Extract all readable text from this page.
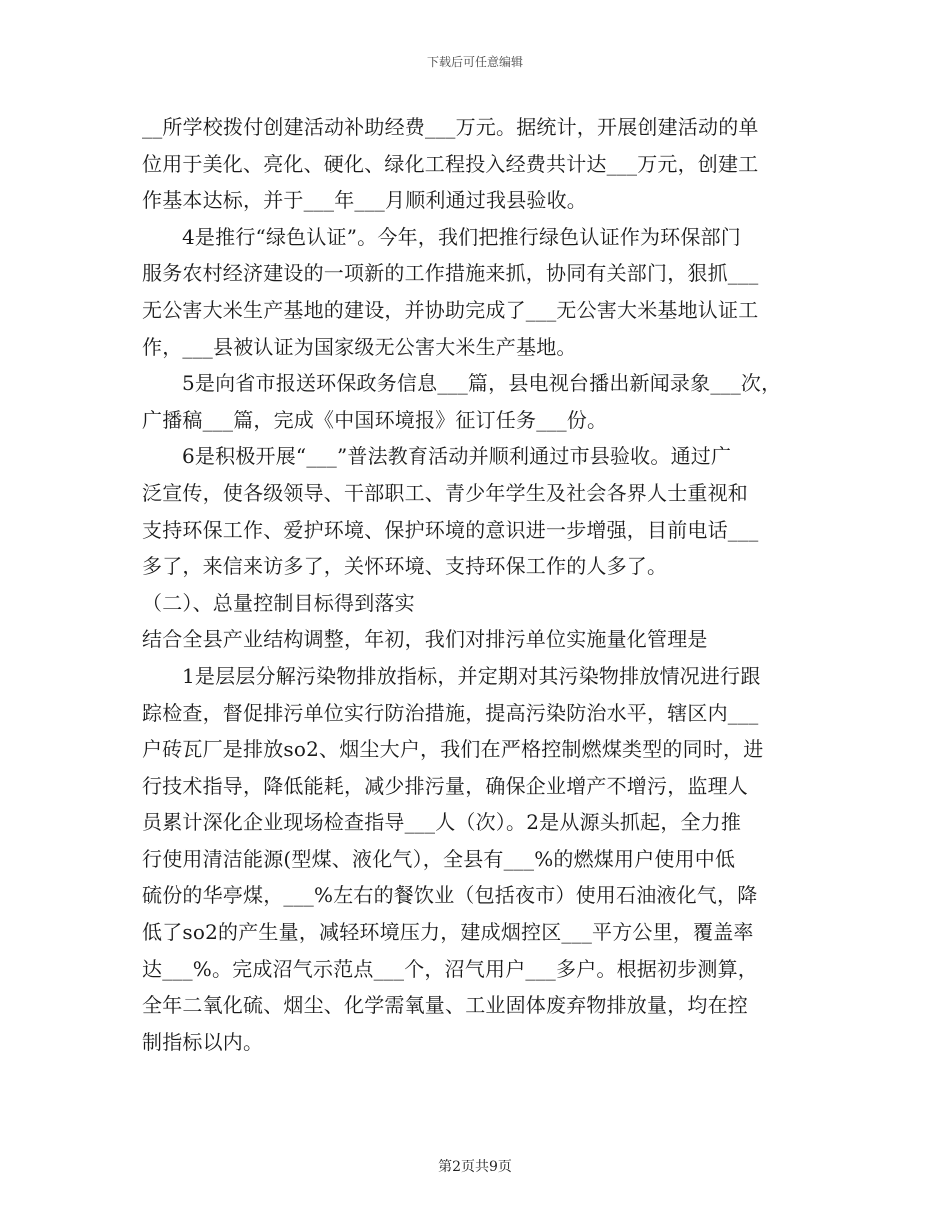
下载后可任意编辑
__所学校拨付创建活动补助经费___万元。据统计，开展创建活动的单
位用于美化、亮化、硬化、绿化工程投入经费共计达___万元，创建工
作基本达标，并于___年___月顺利通过我县验收。
4是推行“绿色认证”。今年，我们把推行绿色认证作为环保部门
服务农村经济建设的一项新的工作措施来抓，协同有关部门，狠抓___
无公害大米生产基地的建设，并协助完成了___无公害大米基地认证工
作，___县被认证为国家级无公害大米生产基地。
5是向省市报送环保政务信息___篇，县电视台播出新闻录象___次，
广播稿___篇，完成《中国环境报》征订任务___份。
6是积极开展“___”普法教育活动并顺利通过市县验收。通过广
泛宣传，使各级领导、干部职工、青少年学生及社会各界人士重视和
支持环保工作、爱护环境、保护环境的意识进一步增强，目前电话___
多了，来信来访多了，关怀环境、支持环保工作的人多了。
（二）、总量控制目标得到落实
结合全县产业结构调整，年初，我们对排污单位实施量化管理是
1是层层分解污染物排放指标，并定期对其污染物排放情况进行跟
踪检查，督促排污单位实行防治措施，提高污染防治水平，辖区内___
户砖瓦厂是排放so2、烟尘大户，我们在严格控制燃煤类型的同时，进
行技术指导，降低能耗，减少排污量，确保企业增产不增污，监理人
员累计深化企业现场检查指导___人（次）。2是从源头抓起，全力推
行使用清洁能源(型煤、液化气），全县有___%的燃煤用户使用中低
硫份的华亭煤，___%左右的餐饮业（包括夜市）使用石油液化气，降
低了so2的产生量，减轻环境压力，建成烟控区___平方公里，覆盖率
达___%。完成沼气示范点___个，沼气用户___多户。根据初步测算，
全年二氧化硫、烟尘、化学需氧量、工业固体废弃物排放量，均在控
制指标以内。
第2页共9页
